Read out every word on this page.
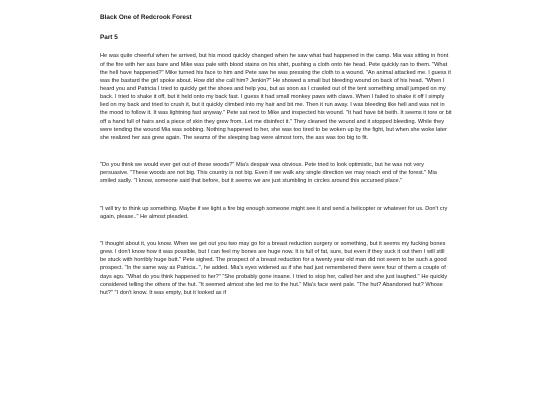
Black One of Redcrook Forest
Part 5

He was quite cheerful when he arrived, but his mood quickly changed when he saw what had happened in the camp. Mia was sitting in front of the fire with her ass bare and Mike was pale with blood stains on his shirt, pushing a cloth onto hie head. Pete quickly ran to them. "What the hell have happened?" Mike turned his face to him and Pete saw he was pressing the cloth to a wound. "An animal attacked me. I guess it was the bastard the girl spoke about. How did she call him? Jenkin?" He showed a small but bleeding wound on back of his head. "When I heard you and Patricia I tried to quickly get the shoes and help you, but as soon as I crawled out of the tent something small jumped on my back. I tried to shake it off, but it held onto my back fast. I guess it had small monkey paws with claws. When I failed to shake it off I simply lied on my back and tried to crush it, but it quickly climbed into my hair and bit me. Then it run away. I was bleeding like hell and was not in the mood to follow it. It was lightning fast anyway." Pete sat next to Mike and inspected his wound. "It had have bit beith. It seems it tore or bit off a hand full of hairs and a piece of skin they grew from. Let me disinfect it." They cleaned the wound and it stopped bleeding. While they were tending the wound Mia was sobbing. Nothing happened to her, she was too tired to be woken up by the fight, but when she woke later she realized her ass grew again. The seams of the sleeping bag were almost torn, the ass was too big to fit.

"Do you think we would ever get out of these woods?" Mia's despair was obvious. Pete tried to look optimistic, but he was not very persuasive. "These woods are not big. This country is not big. Even if we walk any single direction we may reach end of the forest." Mia smiled sadly. "I know, someone said that before, but it seems we are just stumbling in circles around this accursed place."

"I will try to think up something. Maybe if we light a fire big enough someone might see it and send a helicopter or whatever for us. Don't cry again, please.." He almost pleaded.

"I thought about it, you know. When we get out you two may go for a breast reduction surgery or something, but it seems my fucking bones grew. I don't know how it was possible, but I can feel my bones are huge now. It is full of fat, sure, but even if they suck it out then I will still be stuck with horribly huge butt." Pete sighed. The prospect of a breast reduction for a twenty year old man did not seem to be such a good prospect. "In the same way as Patricia..", he added. Mia's eyes widened as if she had just remembered there were four of them a couple of days ago. "What do you think happened to her?" "She probably gone insane. I tried to stop her, called her and she just laughed." He quickly considered telling the others of the hut. "It seemed almost she led me to the hut." Mia's face went pale. "The hut? Abandoned hut? Whose hut?" "I don't know. It was empty, but it looked as if
